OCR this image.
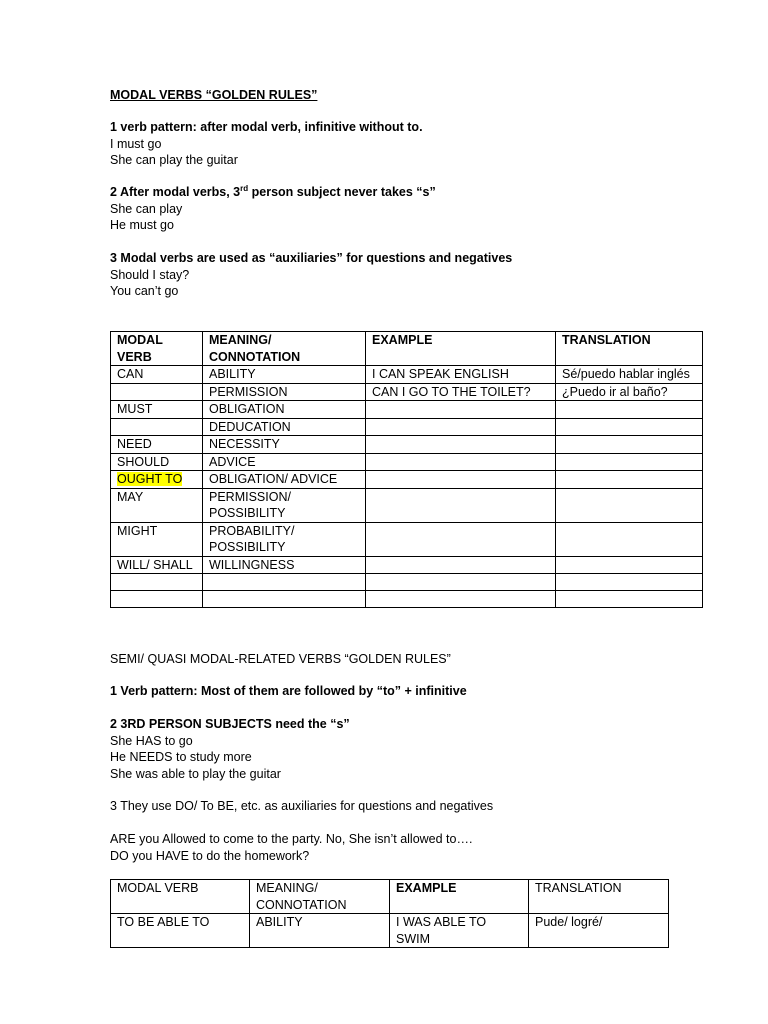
MODAL VERBS “GOLDEN RULES”
1 verb pattern: after modal verb, infinitive without to.
I must go
She can play the guitar
2 After modal verbs, 3rd person subject never takes “s”
She can play
He must go
3 Modal verbs are used as “auxiliaries” for questions and negatives
Should I stay?
You can’t go
MODAL VERB	MEANING/ CONNOTATION	EXAMPLE	TRANSLATION
CAN	ABILITY	I CAN SPEAK ENGLISH	Sé/puedo hablar inglés
	PERMISSION	CAN I GO TO THE TOILET?	¿Puedo ir al baño?
MUST	OBLIGATION		
	DEDUCATION		
NEED	NECESSITY		
SHOULD	ADVICE		
OUGHT TO	OBLIGATION/ ADVICE		
MAY	PERMISSION/ POSSIBILITY		
MIGHT	PROBABILITY/ POSSIBILITY		
WILL/ SHALL	WILLINGNESS		

SEMI/ QUASI MODAL-RELATED VERBS “GOLDEN RULES”
1 Verb pattern: Most of them are followed by “to” + infinitive
2 3RD PERSON SUBJECTS need the “s”
She HAS to go
He NEEDS to study more
She was able to play the guitar
3 They use DO/ To BE, etc. as auxiliaries for questions and negatives
ARE you Allowed to come to the party. No, She isn’t allowed to….
DO you HAVE to do the homework?
MODAL VERB	MEANING/ CONNOTATION	EXAMPLE	TRANSLATION
TO BE ABLE TO	ABILITY	I WAS ABLE TO SWIM	Pude/ logré/
